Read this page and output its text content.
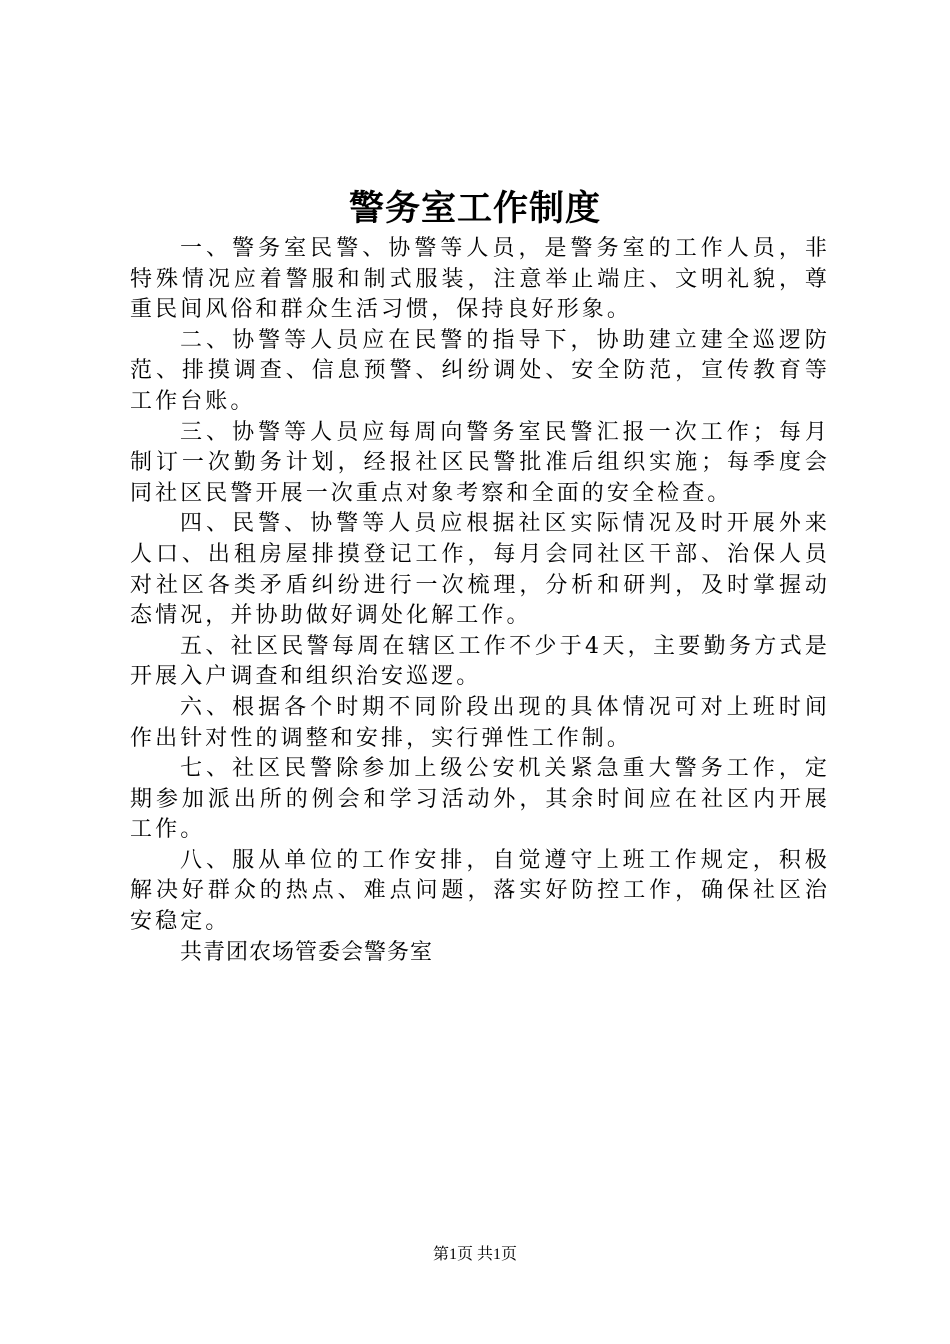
警务室工作制度

一、警务室民警、协警等人员，是警务室的工作人员，非特殊情况应着警服和制式服装，注意举止端庄、文明礼貌，尊重民间风俗和群众生活习惯，保持良好形象。

二、协警等人员应在民警的指导下，协助建立建全巡逻防范、排摸调查、信息预警、纠纷调处、安全防范，宣传教育等工作台账。

三、协警等人员应每周向警务室民警汇报一次工作；每月制订一次勤务计划，经报社区民警批准后组织实施；每季度会同社区民警开展一次重点对象考察和全面的安全检查。

四、民警、协警等人员应根据社区实际情况及时开展外来人口、出租房屋排摸登记工作，每月会同社区干部、治保人员对社区各类矛盾纠纷进行一次梳理，分析和研判，及时掌握动态情况，并协助做好调处化解工作。

五、社区民警每周在辖区工作不少于4天，主要勤务方式是开展入户调查和组织治安巡逻。

六、根据各个时期不同阶段出现的具体情况可对上班时间作出针对性的调整和安排，实行弹性工作制。

七、社区民警除参加上级公安机关紧急重大警务工作，定期参加派出所的例会和学习活动外，其余时间应在社区内开展工作。

八、服从单位的工作安排，自觉遵守上班工作规定，积极解决好群众的热点、难点问题，落实好防控工作，确保社区治安稳定。

共青团农场管委会警务室

第1页 共1页
